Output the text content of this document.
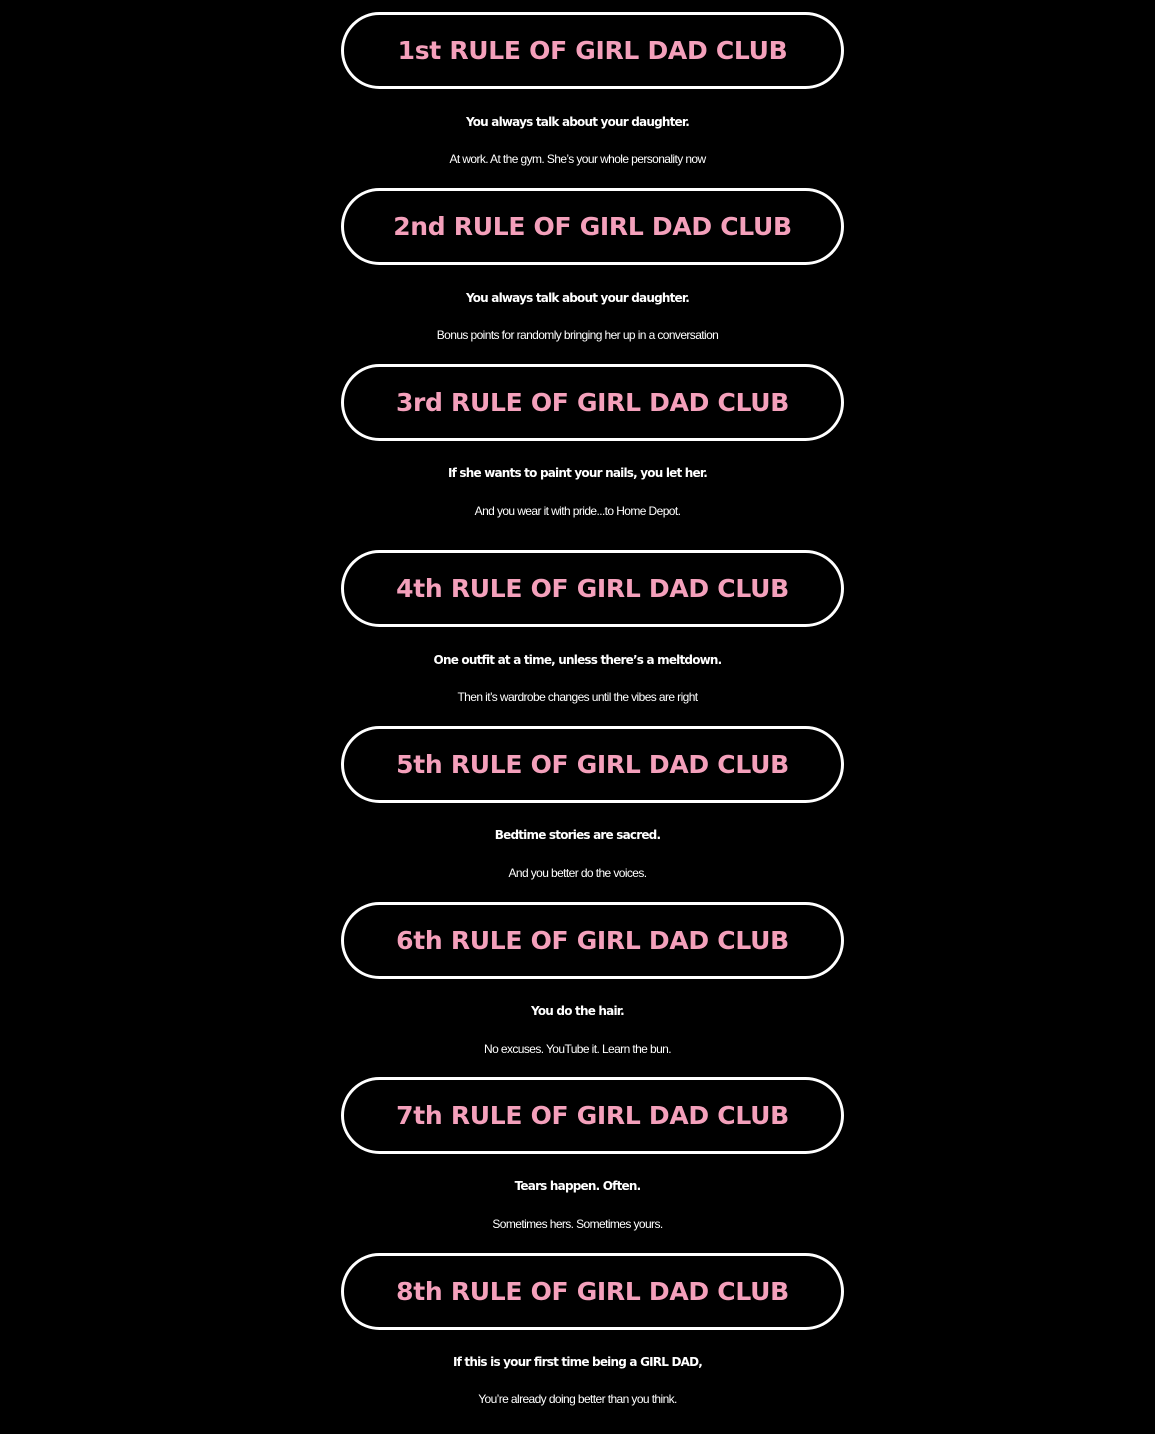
1st RULE OF GIRL DAD CLUB
You always talk about your daughter.
At work. At the gym. She’s your whole personality now
2nd RULE OF GIRL DAD CLUB
You always talk about your daughter.
Bonus points for randomly bringing her up in a conversation
3rd RULE OF GIRL DAD CLUB
If she wants to paint your nails, you let her.
And you wear it with pride...to Home Depot.
4th RULE OF GIRL DAD CLUB
One outfit at a time, unless there’s a meltdown.
Then it’s wardrobe changes until the vibes are right
5th RULE OF GIRL DAD CLUB
Bedtime stories are sacred.
And you better do the voices.
6th RULE OF GIRL DAD CLUB
You do the hair.
No excuses. YouTube it. Learn the bun.
7th RULE OF GIRL DAD CLUB
Tears happen. Often.
Sometimes hers. Sometimes yours.
8th RULE OF GIRL DAD CLUB
If this is your first time being a GIRL DAD,
You’re already doing better than you think.
